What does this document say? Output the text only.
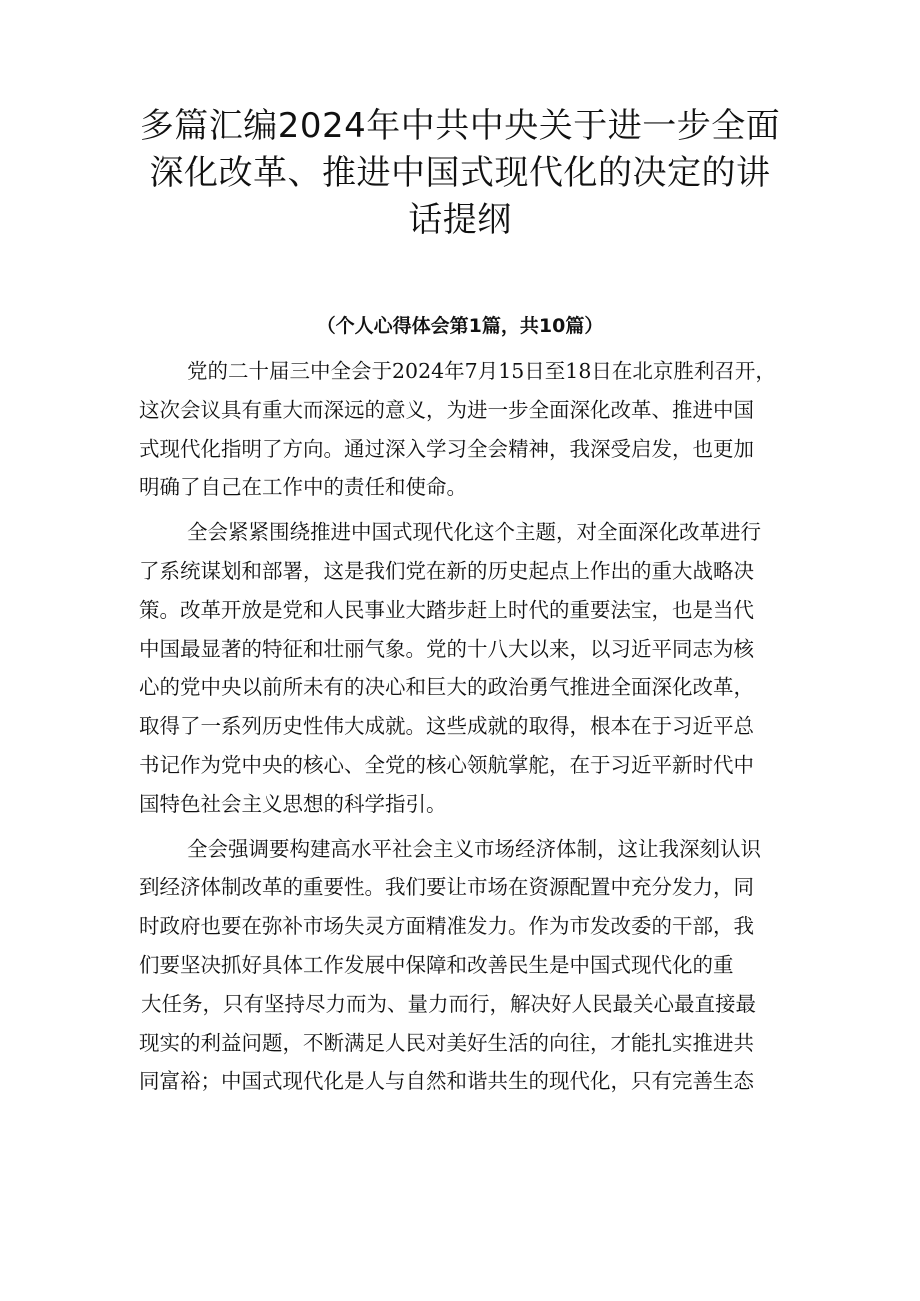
多篇汇编2024年中共中央关于进一步全面
深化改革、推进中国式现代化的决定的讲
话提纲

（个人心得体会第1篇，共10篇）

党的二十届三中全会于2024年7月15日至18日在北京胜利召开，
这次会议具有重大而深远的意义，为进一步全面深化改革、推进中国
式现代化指明了方向。通过深入学习全会精神，我深受启发，也更加
明确了自己在工作中的责任和使命。
全会紧紧围绕推进中国式现代化这个主题，对全面深化改革进行
了系统谋划和部署，这是我们党在新的历史起点上作出的重大战略决
策。改革开放是党和人民事业大踏步赶上时代的重要法宝，也是当代
中国最显著的特征和壮丽气象。党的十八大以来，以习近平同志为核
心的党中央以前所未有的决心和巨大的政治勇气推进全面深化改革，
取得了一系列历史性伟大成就。这些成就的取得，根本在于习近平总
书记作为党中央的核心、全党的核心领航掌舵，在于习近平新时代中
国特色社会主义思想的科学指引。
全会强调要构建高水平社会主义市场经济体制，这让我深刻认识
到经济体制改革的重要性。我们要让市场在资源配置中充分发力，同
时政府也要在弥补市场失灵方面精准发力。作为市发改委的干部，我
们要坚决抓好具体工作发展中保障和改善民生是中国式现代化的重
大任务，只有坚持尽力而为、量力而行，解决好人民最关心最直接最
现实的利益问题，不断满足人民对美好生活的向往，才能扎实推进共
同富裕；中国式现代化是人与自然和谐共生的现代化，只有完善生态
